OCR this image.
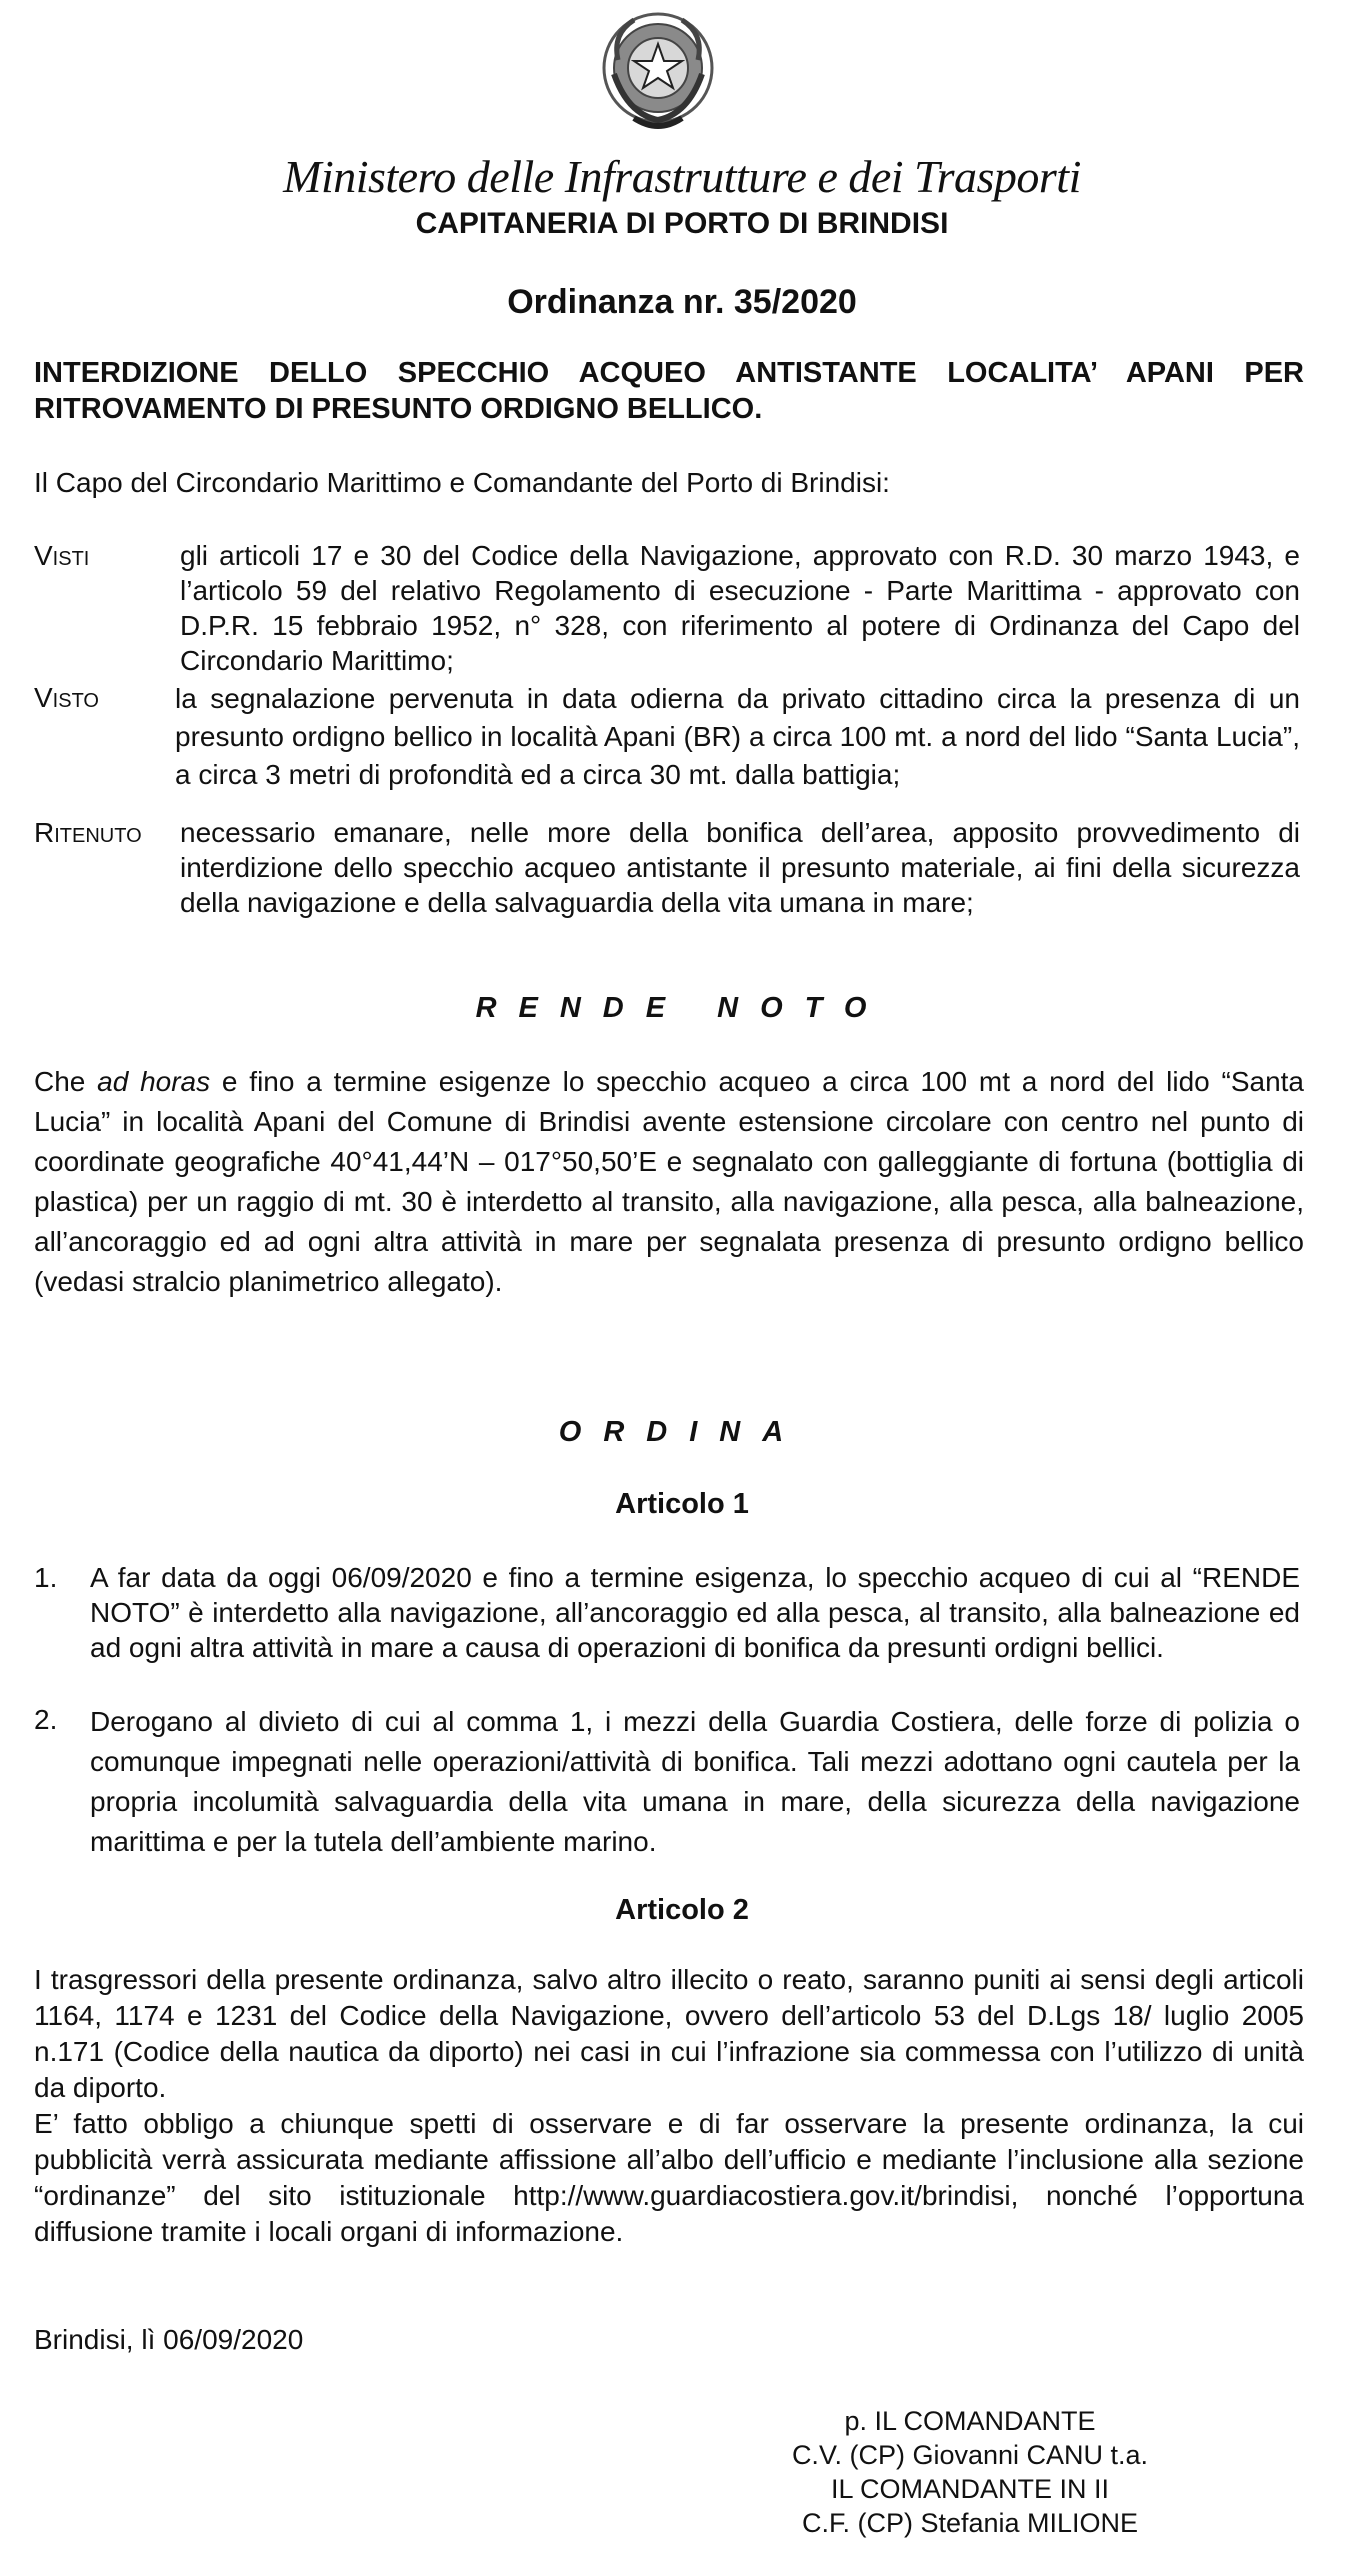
Ministero delle Infrastrutture e dei Trasporti
CAPITANERIA DI PORTO DI BRINDISI
Ordinanza nr. 35/2020
INTERDIZIONE DELLO SPECCHIO ACQUEO ANTISTANTE LOCALITA’ APANI PER RITROVAMENTO DI PRESUNTO ORDIGNO BELLICO.
Il Capo del Circondario Marittimo e Comandante del Porto di Brindisi:
Visti	gli articoli 17 e 30 del Codice della Navigazione, approvato con R.D. 30 marzo 1943, e l’articolo 59 del relativo Regolamento di esecuzione - Parte Marittima - approvato con D.P.R. 15 febbraio 1952, n° 328, con riferimento al potere di Ordinanza del Capo del Circondario Marittimo;
Visto	la segnalazione pervenuta in data odierna da privato cittadino circa la presenza di un presunto ordigno bellico in località Apani (BR) a circa 100 mt. a nord del lido “Santa Lucia”, a circa 3 metri di profondità ed a circa 30 mt. dalla battigia;
Ritenuto necessario emanare, nelle more della bonifica dell’area, apposito provvedimento di interdizione dello specchio acqueo antistante il presunto materiale, ai fini della sicurezza della navigazione e della salvaguardia della vita umana in mare;
RENDE NOTO
Che ad horas e fino a termine esigenze lo specchio acqueo a circa 100 mt a nord del lido “Santa Lucia” in località Apani del Comune di Brindisi avente estensione circolare con centro nel punto di coordinate geografiche 40°41,44’N – 017°50,50’E e segnalato con galleggiante di fortuna (bottiglia di plastica) per un raggio di mt. 30 è interdetto al transito, alla navigazione, alla pesca, alla balneazione, all’ancoraggio ed ad ogni altra attività in mare per segnalata presenza di presunto ordigno bellico (vedasi stralcio planimetrico allegato).
ORDINA
Articolo 1
1. A far data da oggi 06/09/2020 e fino a termine esigenza, lo specchio acqueo di cui al “RENDE NOTO” è interdetto alla navigazione, all’ancoraggio ed alla pesca, al transito, alla balneazione ed ad ogni altra attività in mare a causa di operazioni di bonifica da presunti ordigni bellici.
2. Derogano al divieto di cui al comma 1, i mezzi della Guardia Costiera, delle forze di polizia o comunque impegnati nelle operazioni/attività di bonifica. Tali mezzi adottano ogni cautela per la propria incolumità salvaguardia della vita umana in mare, della sicurezza della navigazione marittima e per la tutela dell’ambiente marino.
Articolo 2
I trasgressori della presente ordinanza, salvo altro illecito o reato, saranno puniti ai sensi degli articoli 1164, 1174 e 1231 del Codice della Navigazione, ovvero dell’articolo 53 del D.Lgs 18/ luglio 2005 n.171 (Codice della nautica da diporto) nei casi in cui l’infrazione sia commessa con l’utilizzo di unità da diporto.
E’ fatto obbligo a chiunque spetti di osservare e di far osservare la presente ordinanza, la cui pubblicità verrà assicurata mediante affissione all’albo dell’ufficio e mediante l’inclusione alla sezione “ordinanze” del sito istituzionale http://www.guardiacostiera.gov.it/brindisi, nonché l’opportuna diffusione tramite i locali organi di informazione.
Brindisi, lì 06/09/2020
p. IL COMANDANTE
C.V. (CP) Giovanni CANU t.a.
IL COMANDANTE IN II
C.F. (CP) Stefania MILIONE
